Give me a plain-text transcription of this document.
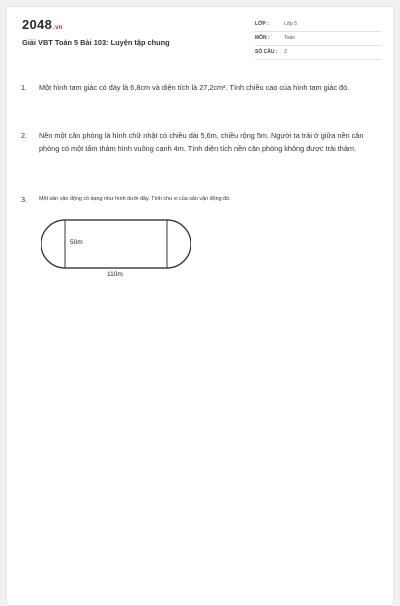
2048.vn
Giải VBT Toán 5 Bài 103: Luyện tập chung
LỚP :	Lớp 5
MÔN :	Toán
SỐ CÂU : 3
1. Một hình tam giác có đáy là 6,8cm và diện tích là 27,2cm². Tính chiều cao của hình tam giác đó.
2. Nền một căn phòng là hình chữ nhật có chiều dài 5,6m, chiều rộng 5m. Người ta trải ở giữa nền căn phòng có một tấm thảm hình vuông cạnh 4m. Tính diện tích nền căn phòng không được trải thảm.
3. Một sân vận động có dạng như hình dưới đây. Tính chu vi của sân vận động đó.
50m
110m
